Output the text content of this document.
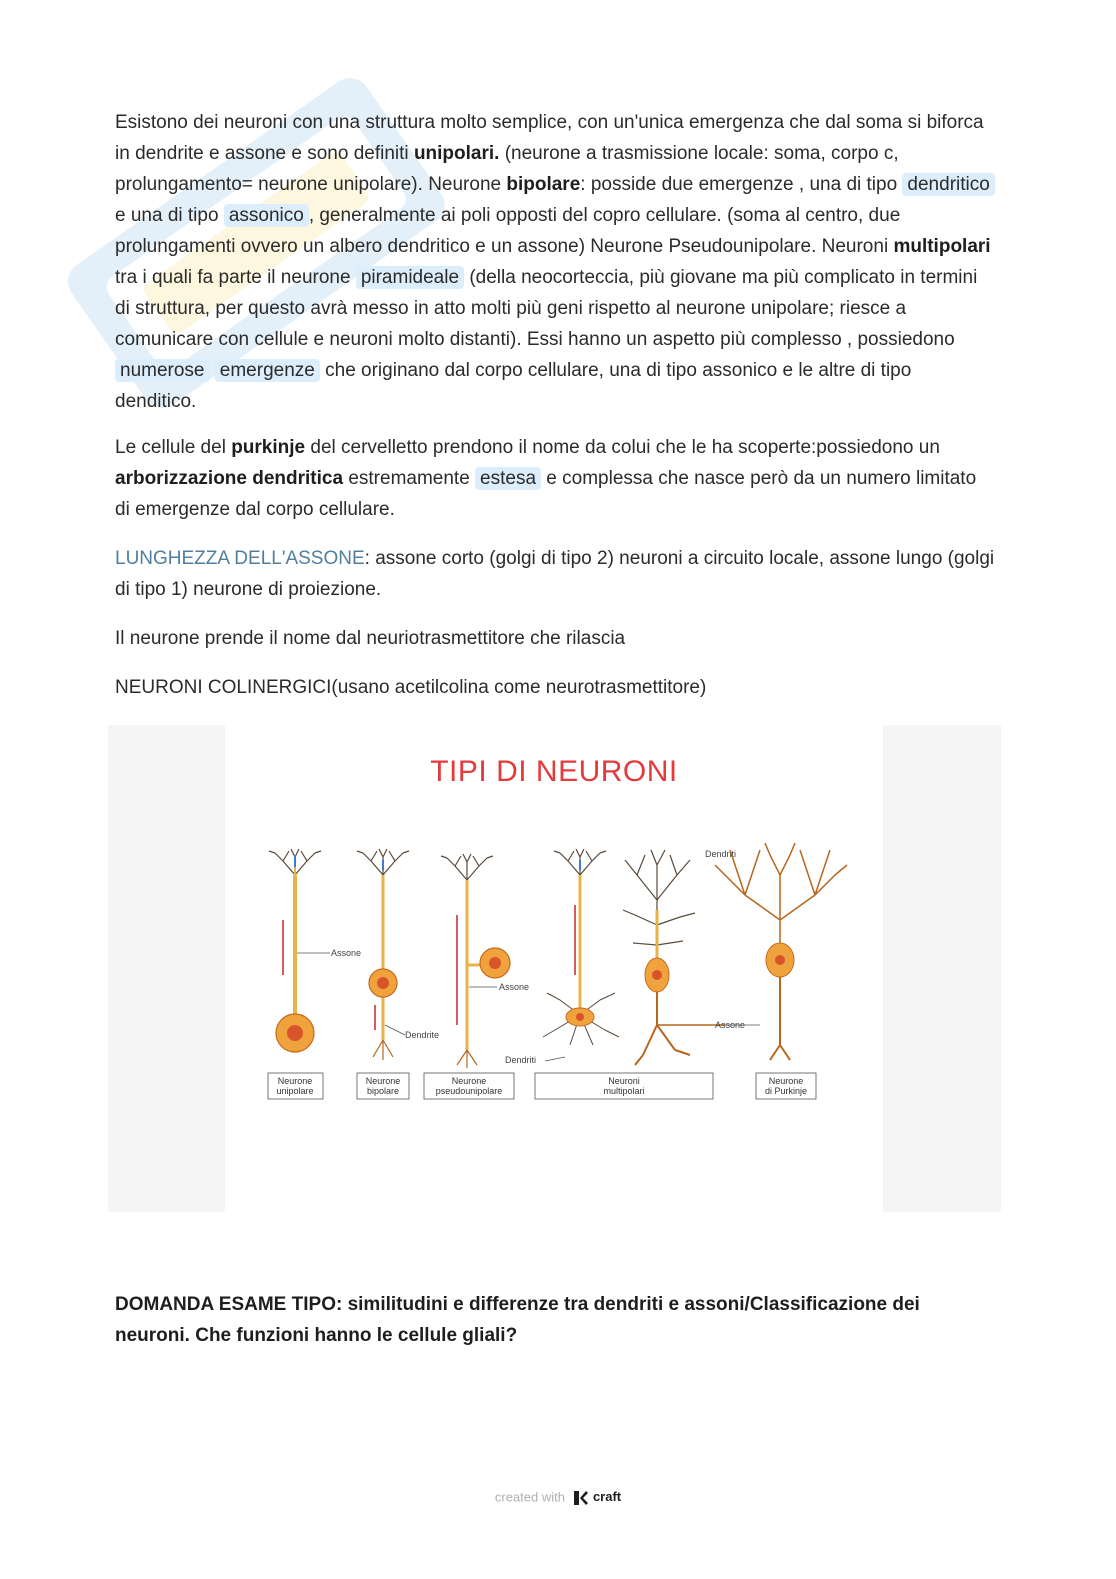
Esistono dei neuroni con una struttura molto semplice, con un'unica emergenza che dal soma si biforca in dendrite e assone e sono definiti unipolari. (neurone a trasmissione locale: soma, corpo c, prolungamento= neurone unipolare). Neurone bipolare: posside due emergenze , una di tipo dendritico e una di tipo assonico , generalmente ai poli opposti del copro cellulare. (soma al centro, due prolungamenti ovvero un albero dendritico e un assone) Neurone Pseudounipolare. Neuroni multipolari tra i quali fa parte il neurone piramideale (della neocorteccia, più giovane ma più complicato in termini di struttura, per questo avrà messo in atto molti più geni rispetto al neurone unipolare; riesce a comunicare con cellule e neuroni molto distanti). Essi hanno un aspetto più complesso , possiedono numerose emergenze che originano dal corpo cellulare, una di tipo assonico e le altre di tipo denditico.

Le cellule del purkinje del cervelletto prendono il nome da colui che le ha scoperte:possiedono un arborizzazione dendritica estremamente estesa e complessa che nasce però da un numero limitato di emergenze dal corpo cellulare.

LUNGHEZZA DELL'ASSONE: assone corto (golgi di tipo 2) neuroni a circuito locale, assone lungo (golgi di tipo 1) neurone di proiezione.

Il neurone prende il nome dal neuriotrasmettitore che rilascia

NEURONI COLINERGICI(usano acetilcolina come neurotrasmettitore)

TIPI DI NEURONI
Assone
Dendrite
Assone
Dendriti
Dendriti
Assone
Neurone
unipolare
Neurone
bipolare
Neurone
pseudounipolare
Neuroni
multipolari
Neurone
di Purkinje
DOMANDA ESAME TIPO: similitudini e differenze tra dendriti e assoni/Classificazione dei neuroni. Che funzioni hanno le cellule gliali?
created with craft
